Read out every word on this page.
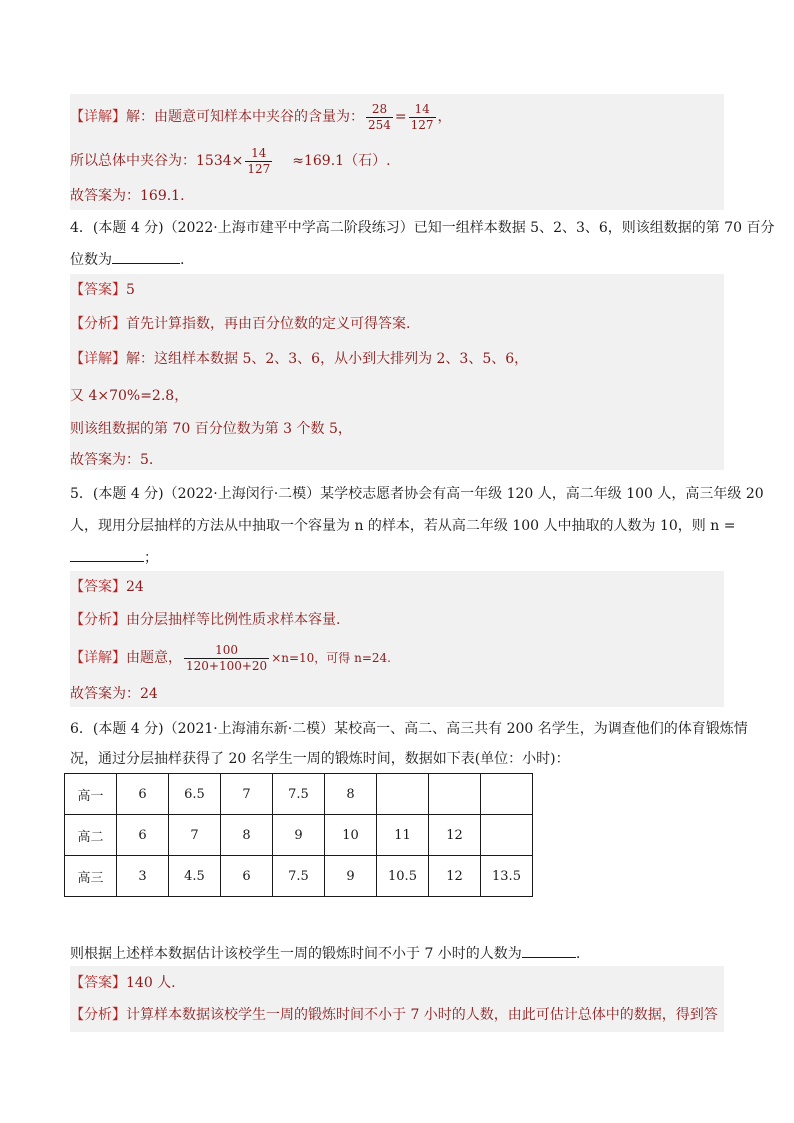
【详解】解：由题意可知样本中夹谷的含量为： $\frac{28}{254} = \frac{14}{127}$ ，
所以总体中夹谷为：$1534\times \frac{14}{127} \approx 169.1$（石）.
故答案为：169.1.
4．(本题 4 分)（2022·上海市建平中学高二阶段练习）已知一组样本数据 5、2、3、6，则该组数据的第 70 百分
位数为	.
【答案】5
【分析】首先计算指数，再由百分位数的定义可得答案.
【详解】解：这组样本数据 5、2、3、6，从小到大排列为 2、3、5、6，
又 4×70%=2.8，
则该组数据的第 70 百分位数为第 3 个数 5，
故答案为：5.
5．(本题 4 分)（2022·上海闵行·二模）某学校志愿者协会有高一年级 120 人，高二年级 100 人，高三年级 20
人，现用分层抽样的方法从中抽取一个容量为 n 的样本，若从高二年级 100 人中抽取的人数为 10，则 n =
；
【答案】24
【分析】由分层抽样等比例性质求样本容量.
【详解】由题意， $\frac{100}{120+100+20} \times n=10$，可得 n=24.
故答案为：24
6．(本题 4 分)（2021·上海浦东新·二模）某校高一、高二、高三共有 200 名学生，为调查他们的体育锻炼情
况，通过分层抽样获得了 20 名学生一周的锻炼时间，数据如下表(单位：小时)：
高一	6	6.5	7	7.5	8			
高二	6	7	8	9	10	11	12	
高三	3	4.5	6	7.5	9	10.5	12	13.5
则根据上述样本数据估计该校学生一周的锻炼时间不小于 7 小时的人数为	.
【答案】140 人.
【分析】计算样本数据该校学生一周的锻炼时间不小于 7 小时的人数，由此可估计总体中的数据，得到答
